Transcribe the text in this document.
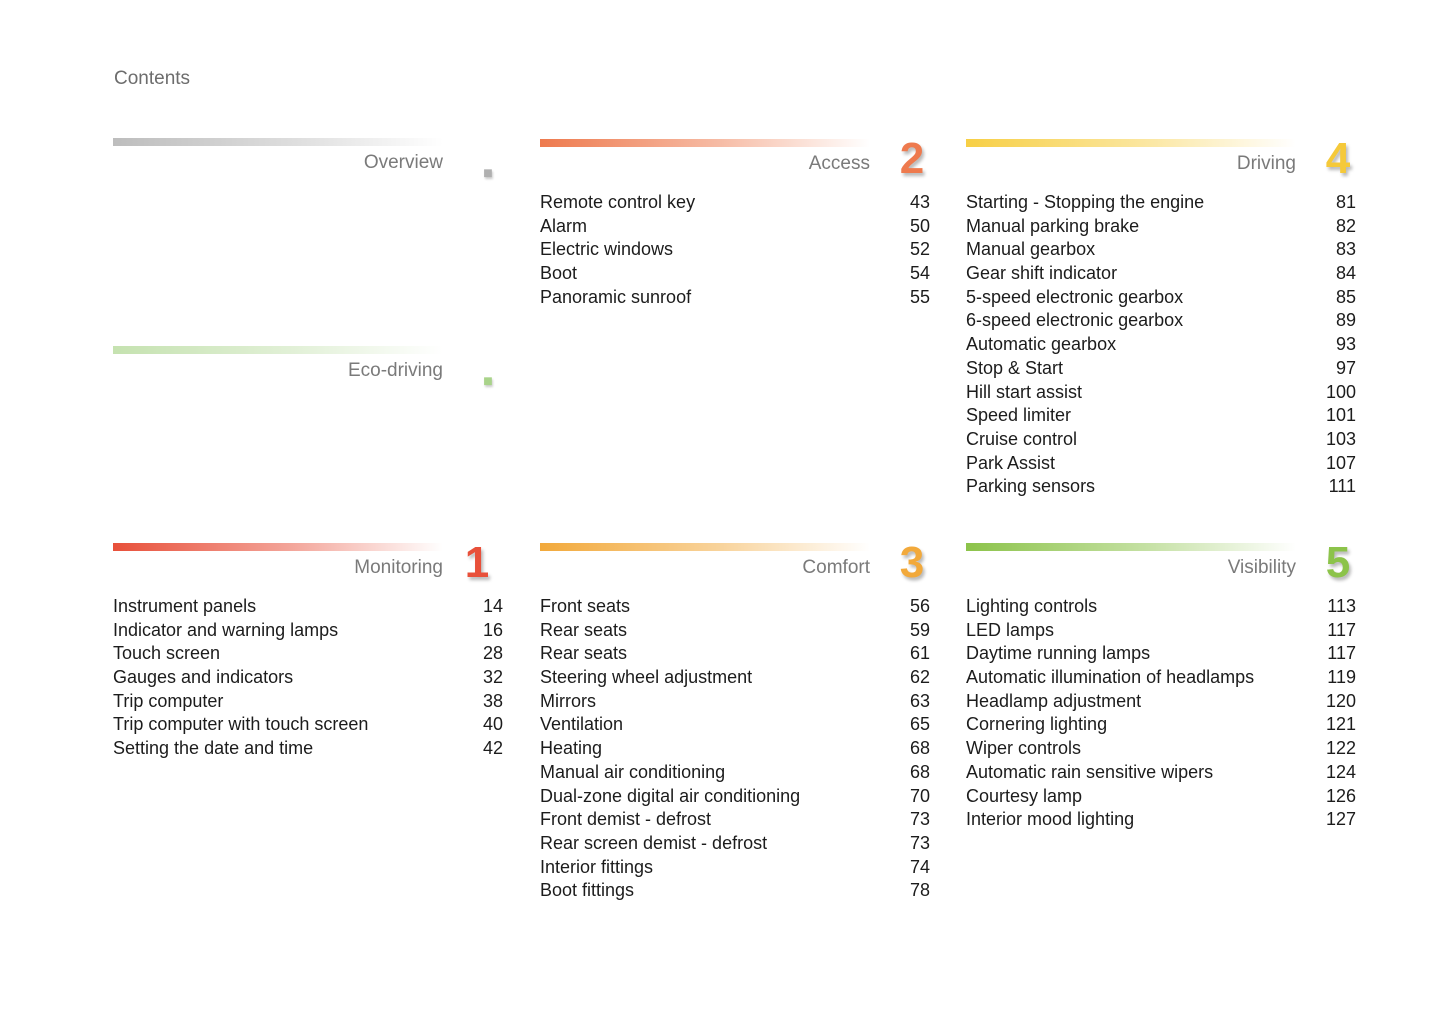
Contents
Overview
■
Eco-driving
■
Access 2
Remote control key	43
Alarm	50
Electric windows	52
Boot	54
Panoramic sunroof	55
Driving 4
Starting - Stopping the engine	81
Manual parking brake	82
Manual gearbox	83
Gear shift indicator	84
5-speed electronic gearbox	85
6-speed electronic gearbox	89
Automatic gearbox	93
Stop & Start	97
Hill start assist	100
Speed limiter	101
Cruise control	103
Park Assist	107
Parking sensors	111
Monitoring 1
Instrument panels	14
Indicator and warning lamps	16
Touch screen	28
Gauges and indicators	32
Trip computer	38
Trip computer with touch screen	40
Setting the date and time	42
Comfort 3
Front seats	56
Rear seats	59
Rear seats	61
Steering wheel adjustment	62
Mirrors	63
Ventilation	65
Heating	68
Manual air conditioning	68
Dual-zone digital air conditioning	70
Front demist - defrost	73
Rear screen demist - defrost	73
Interior fittings	74
Boot fittings	78
Visibility 5
Lighting controls	113
LED lamps	117
Daytime running lamps	117
Automatic illumination of headlamps	119
Headlamp adjustment	120
Cornering lighting	121
Wiper controls	122
Automatic rain sensitive wipers	124
Courtesy lamp	126
Interior mood lighting	127
